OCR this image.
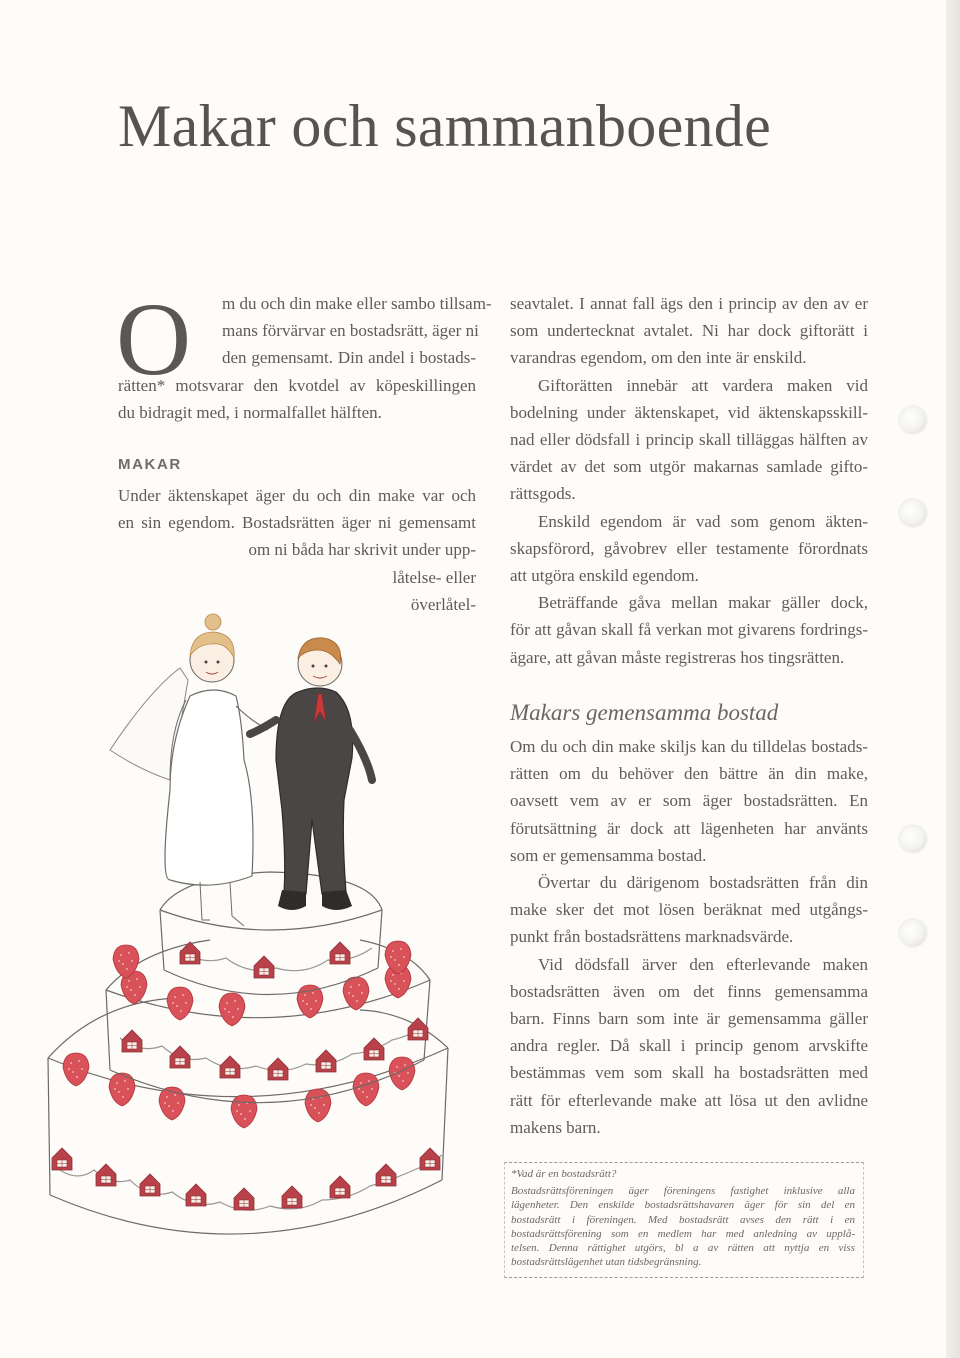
Makar och sammanboende
O	m du och din make eller sambo tillsam-
mans förvärvar en bostadsrätt, äger ni
den gemensamt. Din andel i bostads-
rätten* motsvarar den kvotdel av köpeskillingen
du bidragit med, i normalfallet hälften.
MAKAR
Under äktenskapet äger du och din make var och
en sin egendom. Bostadsrätten äger ni gemensamt
om ni båda har skrivit under upp-
låtelse- eller
överlåtel-
seavtalet. I annat fall ägs den i princip av den av er
som undertecknat avtalet. Ni har dock giftorätt i
varandras egendom, om den inte är enskild.
Giftorätten innebär att vardera maken vid
bodelning under äktenskapet, vid äktenskapsskill-
nad eller dödsfall i princip skall tilläggas hälften av
värdet av det som utgör makarnas samlade gifto-
rättsgods.
Enskild egendom är vad som genom äkten-
skapsförord, gåvobrev eller testamente förordnats
att utgöra enskild egendom.
Beträffande gåva mellan makar gäller dock,
för att gåvan skall få verkan mot givarens fordrings-
ägare, att gåvan måste registreras hos tingsrätten.
Makars gemensamma bostad
Om du och din make skiljs kan du tilldelas bostads-
rätten om du behöver den bättre än din make,
oavsett vem av er som äger bostadsrätten. En
förutsättning är dock att lägenheten har använts
som er gemensamma bostad.
Övertar du därigenom bostadsrätten från din
make sker det mot lösen beräknat med utgångs-
punkt från bostadsrättens marknadsvärde.
Vid dödsfall ärver den efterlevande maken
bostadsrätten även om det finns gemensamma
barn. Finns barn som inte är gemensamma gäller
andra regler. Då skall i princip genom arvskifte
bestämmas vem som skall ha bostadsrätten med
rätt för efterlevande make att lösa ut den avlidne
makens barn.
*Vad är en bostadsrätt?
Bostadsrättsföreningen äger föreningens fastighet inklusive alla
lägenheter. Den enskilde bostadsrättshavaren äger för sin del en
bostadsrätt i föreningen. Med bostadsrätt avses den rätt i en
bostadsrättsförening som en medlem har med anledning av upplå-
telsen. Denna rättighet utgörs, bl a av rätten att nyttja en viss
bostadsrättslägenhet utan tidsbegränsning.
